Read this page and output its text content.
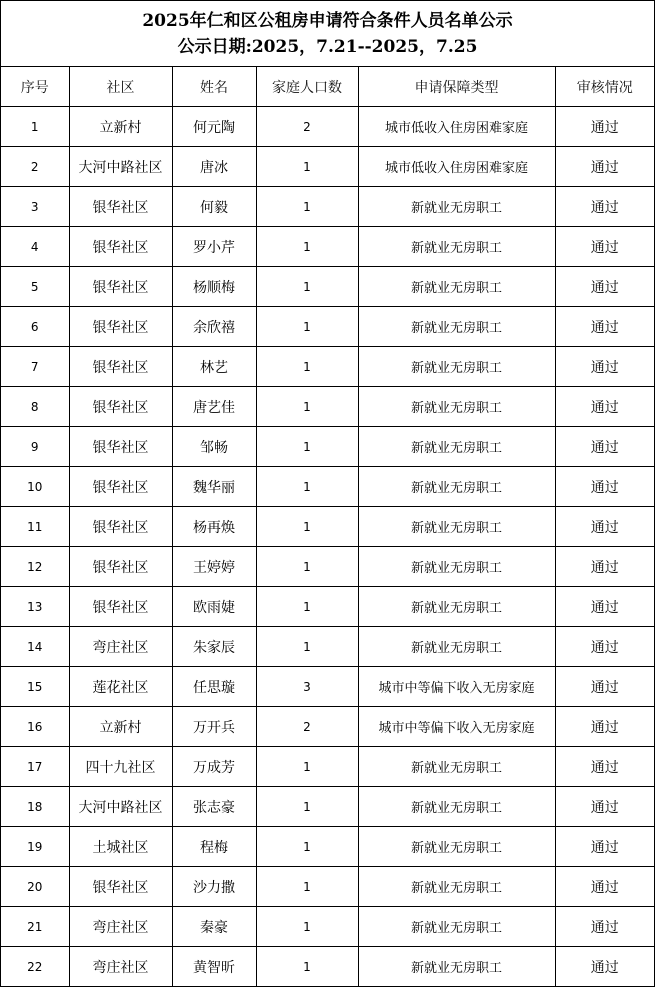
2025年仁和区公租房申请符合条件人员名单公示
公示日期:2025，7.21--2025，7.25
序号	社区	姓名	家庭人口数	申请保障类型	审核情况
1	立新村	何元陶	2	城市低收入住房困难家庭	通过
2	大河中路社区	唐冰	1	城市低收入住房困难家庭	通过
3	银华社区	何毅	1	新就业无房职工	通过
4	银华社区	罗小芹	1	新就业无房职工	通过
5	银华社区	杨顺梅	1	新就业无房职工	通过
6	银华社区	余欣禧	1	新就业无房职工	通过
7	银华社区	林艺	1	新就业无房职工	通过
8	银华社区	唐艺佳	1	新就业无房职工	通过
9	银华社区	邹畅	1	新就业无房职工	通过
10	银华社区	魏华丽	1	新就业无房职工	通过
11	银华社区	杨再焕	1	新就业无房职工	通过
12	银华社区	王婷婷	1	新就业无房职工	通过
13	银华社区	欧雨婕	1	新就业无房职工	通过
14	弯庄社区	朱家辰	1	新就业无房职工	通过
15	莲花社区	任思璇	3	城市中等偏下收入无房家庭	通过
16	立新村	万开兵	2	城市中等偏下收入无房家庭	通过
17	四十九社区	万成芳	1	新就业无房职工	通过
18	大河中路社区	张志豪	1	新就业无房职工	通过
19	土城社区	程梅	1	新就业无房职工	通过
20	银华社区	沙力撒	1	新就业无房职工	通过
21	弯庄社区	秦豪	1	新就业无房职工	通过
22	弯庄社区	黄智昕	1	新就业无房职工	通过
